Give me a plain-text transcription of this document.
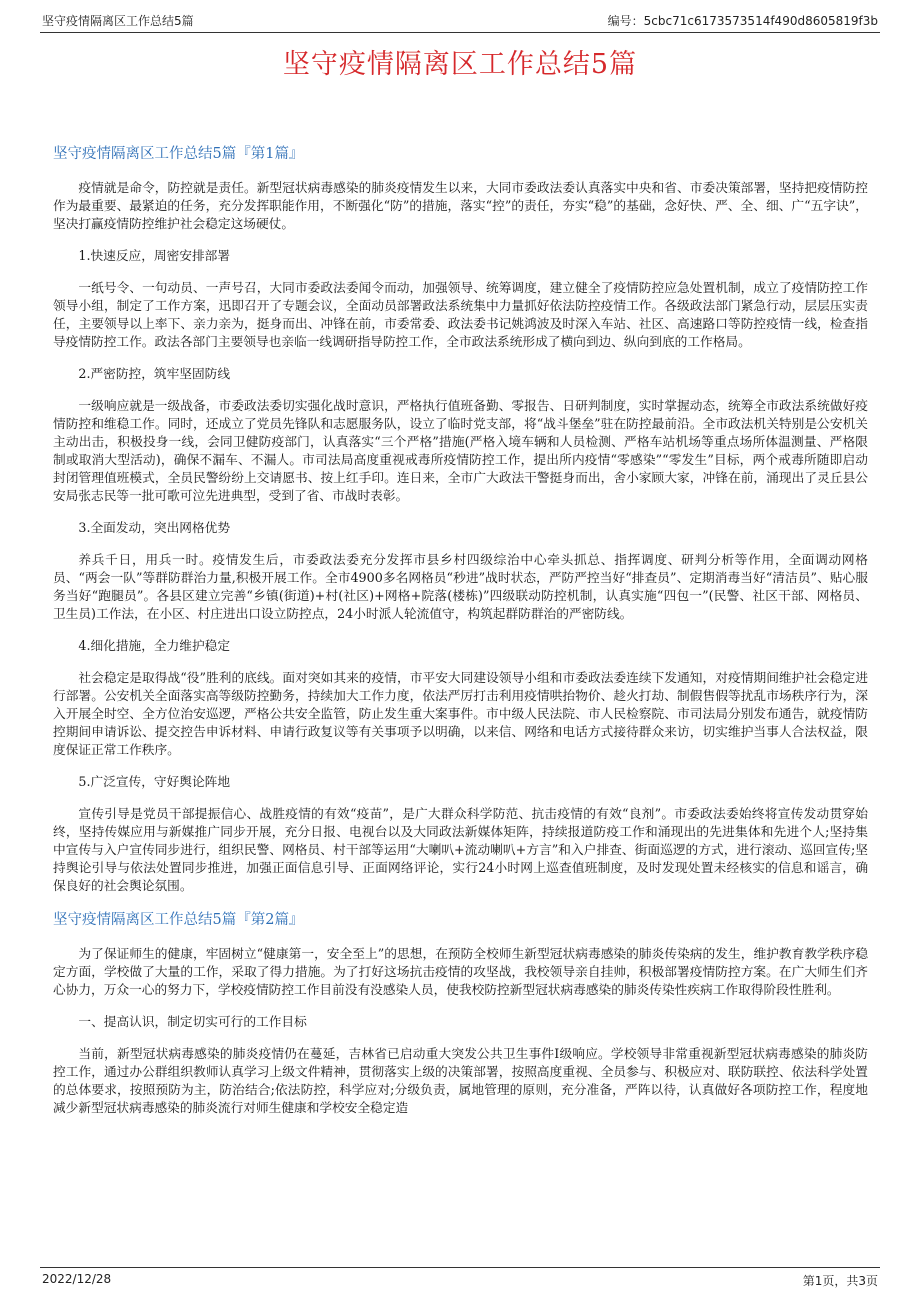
坚守疫情隔离区工作总结5篇	编号：5cbc71c6173573514f490d8605819f3b
坚守疫情隔离区工作总结5篇
坚守疫情隔离区工作总结5篇『第1篇』

疫情就是命令，防控就是责任。新型冠状病毒感染的肺炎疫情发生以来，大同市委政法委认真落实中央和省、市委决策部署，坚持把疫情防控作为最重要、最紧迫的任务，充分发挥职能作用，不断强化“防”的措施，落实“控”的责任，夯实“稳”的基础，念好快、严、全、细、广“五字诀”，坚决打赢疫情防控维护社会稳定这场硬仗。

1.快速反应，周密安排部署

一纸号令、一句动员、一声号召，大同市委政法委闻令而动，加强领导、统筹调度，建立健全了疫情防控应急处置机制，成立了疫情防控工作领导小组，制定了工作方案，迅即召开了专题会议，全面动员部署政法系统集中力量抓好依法防控疫情工作。各级政法部门紧急行动，层层压实责任，主要领导以上率下、亲力亲为，挺身而出、冲锋在前，市委常委、政法委书记姚鸿波及时深入车站、社区、高速路口等防控疫情一线，检查指导疫情防控工作。政法各部门主要领导也亲临一线调研指导防控工作，全市政法系统形成了横向到边、纵向到底的工作格局。

2.严密防控，筑牢坚固防线

一级响应就是一级战备，市委政法委切实强化战时意识，严格执行值班备勤、零报告、日研判制度，实时掌握动态，统筹全市政法系统做好疫情防控和维稳工作。同时，还成立了党员先锋队和志愿服务队，设立了临时党支部，将“战斗堡垒”驻在防控最前沿。全市政法机关特别是公安机关主动出击，积极投身一线，会同卫健防疫部门，认真落实“三个严格”措施(严格入境车辆和人员检测、严格车站机场等重点场所体温测量、严格限制或取消大型活动)，确保不漏车、不漏人。市司法局高度重视戒毒所疫情防控工作，提出所内疫情“零感染”“零发生”目标，两个戒毒所随即启动封闭管理值班模式，全员民警纷纷上交请愿书、按上红手印。连日来，全市广大政法干警挺身而出，舍小家顾大家，冲锋在前，涌现出了灵丘县公安局张志民等一批可歌可泣先进典型，受到了省、市战时表彰。

3.全面发动，突出网格优势

养兵千日，用兵一时。疫情发生后，市委政法委充分发挥市县乡村四级综治中心牵头抓总、指挥调度、研判分析等作用，全面调动网格员、“两会一队”等群防群治力量,积极开展工作。全市4900多名网格员“秒进”战时状态，严防严控当好“排查员”、定期消毒当好“清洁员”、贴心服务当好“跑腿员”。各县区建立完善“乡镇(街道)+村(社区)+网格+院落(楼栋)”四级联动防控机制，认真实施“四包一”(民警、社区干部、网格员、卫生员)工作法，在小区、村庄进出口设立防控点，24小时派人轮流值守，构筑起群防群治的严密防线。

4.细化措施，全力维护稳定

社会稳定是取得战“役”胜利的底线。面对突如其来的疫情，市平安大同建设领导小组和市委政法委连续下发通知，对疫情期间维护社会稳定进行部署。公安机关全面落实高等级防控勤务，持续加大工作力度，依法严厉打击利用疫情哄抬物价、趁火打劫、制假售假等扰乱市场秩序行为，深入开展全时空、全方位治安巡逻，严格公共安全监管，防止发生重大案事件。市中级人民法院、市人民检察院、市司法局分别发布通告，就疫情防控期间申请诉讼、提交控告申诉材料、申请行政复议等有关事项予以明确，以来信、网络和电话方式接待群众来访，切实维护当事人合法权益，限度保证正常工作秩序。

5.广泛宣传，守好舆论阵地

宣传引导是党员干部提振信心、战胜疫情的有效“疫苗”，是广大群众科学防范、抗击疫情的有效“良剂”。市委政法委始终将宣传发动贯穿始终，坚持传媒应用与新媒推广同步开展，充分日报、电视台以及大同政法新媒体矩阵，持续报道防疫工作和涌现出的先进集体和先进个人;坚持集中宣传与入户宣传同步进行，组织民警、网格员、村干部等运用“大喇叭+流动喇叭+方言”和入户排查、街面巡逻的方式，进行滚动、巡回宣传;坚持舆论引导与依法处置同步推进，加强正面信息引导、正面网络评论，实行24小时网上巡查值班制度，及时发现处置未经核实的信息和谣言，确保良好的社会舆论氛围。

坚守疫情隔离区工作总结5篇『第2篇』

为了保证师生的健康，牢固树立“健康第一，安全至上”的思想，在预防全校师生新型冠状病毒感染的肺炎传染病的发生，维护教育教学秩序稳定方面，学校做了大量的工作，采取了得力措施。为了打好这场抗击疫情的攻坚战，我校领导亲自挂帅，积极部署疫情防控方案。在广大师生们齐心协力，万众一心的努力下，学校疫情防控工作目前没有没感染人员，使我校防控新型冠状病毒感染的肺炎传染性疾病工作取得阶段性胜利。

一、提高认识，制定切实可行的工作目标

当前，新型冠状病毒感染的肺炎疫情仍在蔓延，吉林省已启动重大突发公共卫生事件I级响应。学校领导非常重视新型冠状病毒感染的肺炎防控工作，通过办公群组织教师认真学习上级文件精神，贯彻落实上级的决策部署，按照高度重视、全员参与、积极应对、联防联控、依法科学处置的总体要求，按照预防为主，防治结合;依法防控，科学应对;分级负责，属地管理的原则，充分准备，严阵以待，认真做好各项防控工作，程度地减少新型冠状病毒感染的肺炎流行对师生健康和学校安全稳定造

2022/12/28	第1页，共3页
